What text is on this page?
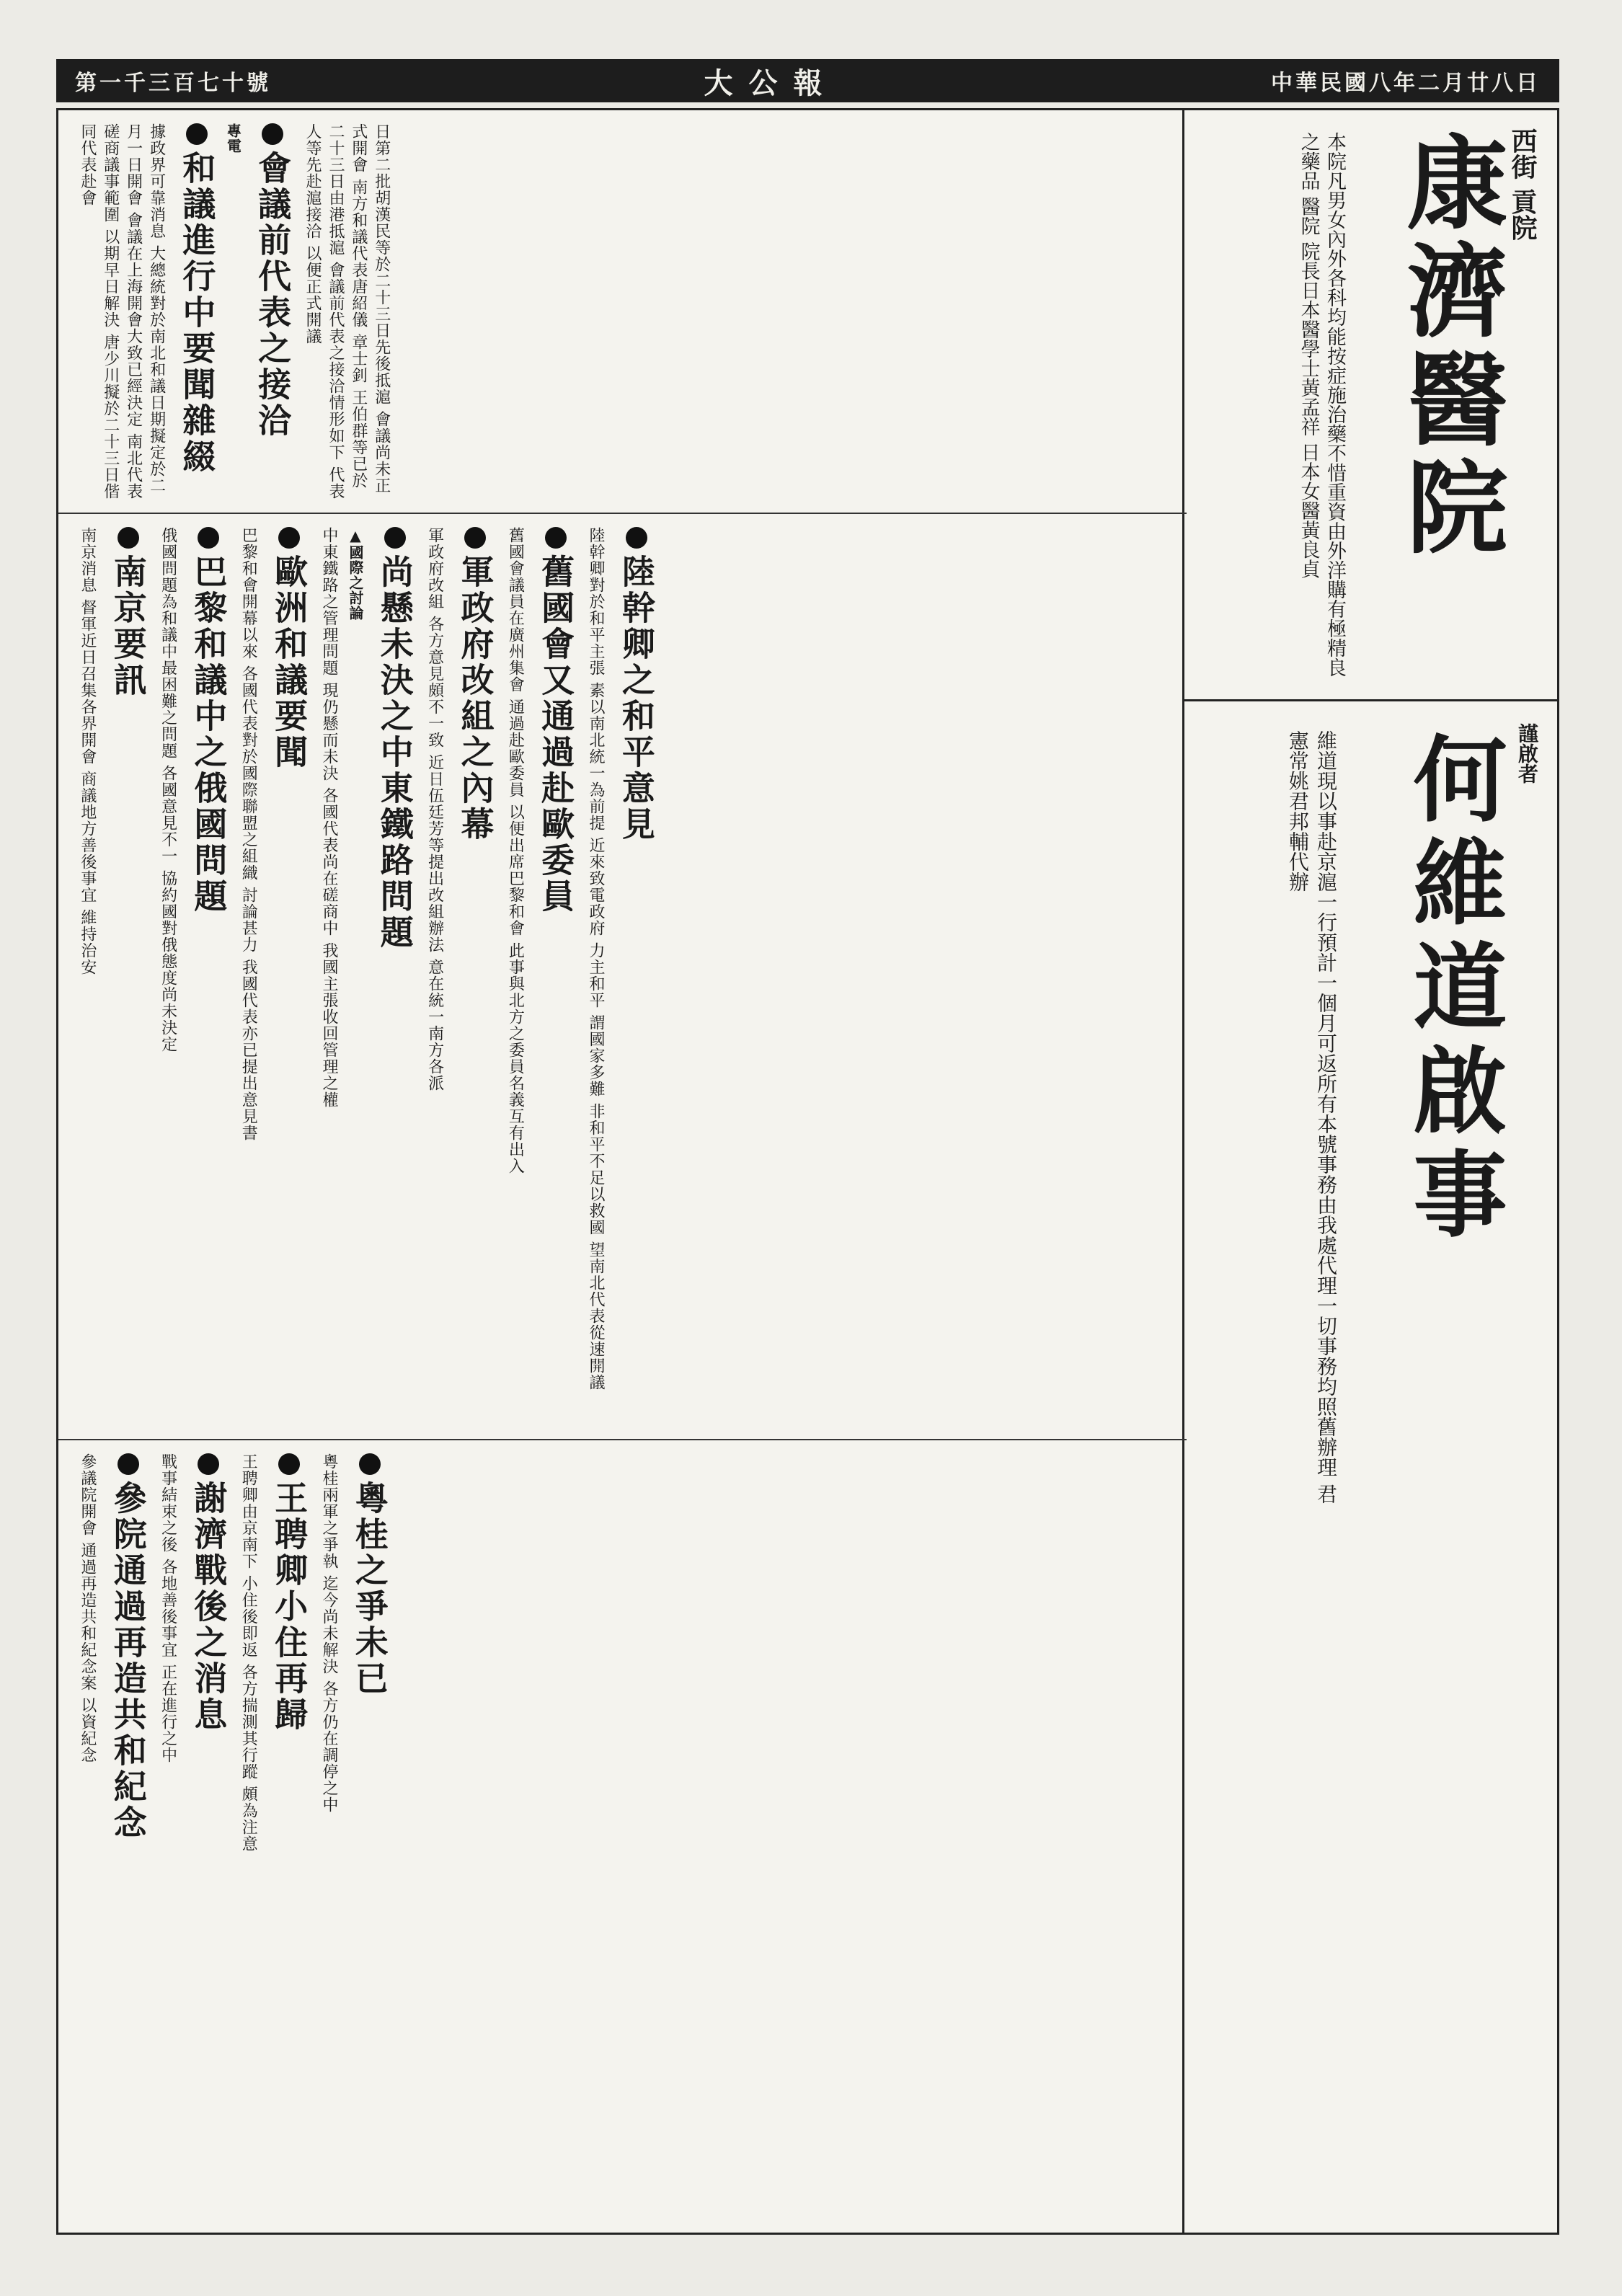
第一千三百七十號	大公報	中華民國八年二月廿八日
西街 貢院
康濟醫院
本院凡男女內外各科均能按症施治藥不惜重資由外洋購有極精良之藥品 醫院 院長日本醫學士黃孟祥 日本女醫黃良貞
謹啟者
何維道啟事
維道現以事赴京滬一行預計一個月可返所有本號事務由我處代理一切事務均照舊辦理 君憲常姚君邦輔代辦
日第二批胡漢民等於二十三日先後抵滬 會議尚未正式開會 南方和議代表唐紹儀 章士釗 王伯群等已於二十三日由港抵滬 會議前代表之接洽情形如下 代表人等先赴滬接洽 以便正式開議
會議前代表之接洽
專電
和議進行中要聞雜綴
據政界可靠消息 大總統對於南北和議日期擬定於二月一日開會 會議在上海開會大致已經決定 南北代表磋商議事範圍 以期早日解決 唐少川擬於二十三日偕同代表赴會
陸幹卿之和平意見
陸幹卿對於和平主張 素以南北統一為前提 近來致電政府 力主和平 謂國家多難 非和平不足以救國 望南北代表從速開議
舊國會又通過赴歐委員
舊國會議員在廣州集會 通過赴歐委員 以便出席巴黎和會 此事與北方之委員名義互有出入
軍政府改組之內幕
軍政府改組 各方意見頗不一致 近日伍廷芳等提出改組辦法 意在統一南方各派
尚懸未決之中東鐵路問題
▲國際之討論
中東鐵路之管理問題 現仍懸而未決 各國代表尚在磋商中 我國主張收回管理之權
歐洲和議要聞
巴黎和會開幕以來 各國代表對於國際聯盟之組織 討論甚力 我國代表亦已提出意見書
巴黎和議中之俄國問題
俄國問題為和議中最困難之問題 各國意見不一 協約國對俄態度尚未決定
南京要訊
南京消息 督軍近日召集各界開會 商議地方善後事宜 維持治安
粵桂之爭未已
粵桂兩軍之爭執 迄今尚未解決 各方仍在調停之中
王聘卿小住再歸
王聘卿由京南下 小住後即返 各方揣測其行蹤 頗為注意
謝濟戰後之消息
戰事結束之後 各地善後事宜 正在進行之中
參院通過再造共和紀念
參議院開會 通過再造共和紀念案 以資紀念
